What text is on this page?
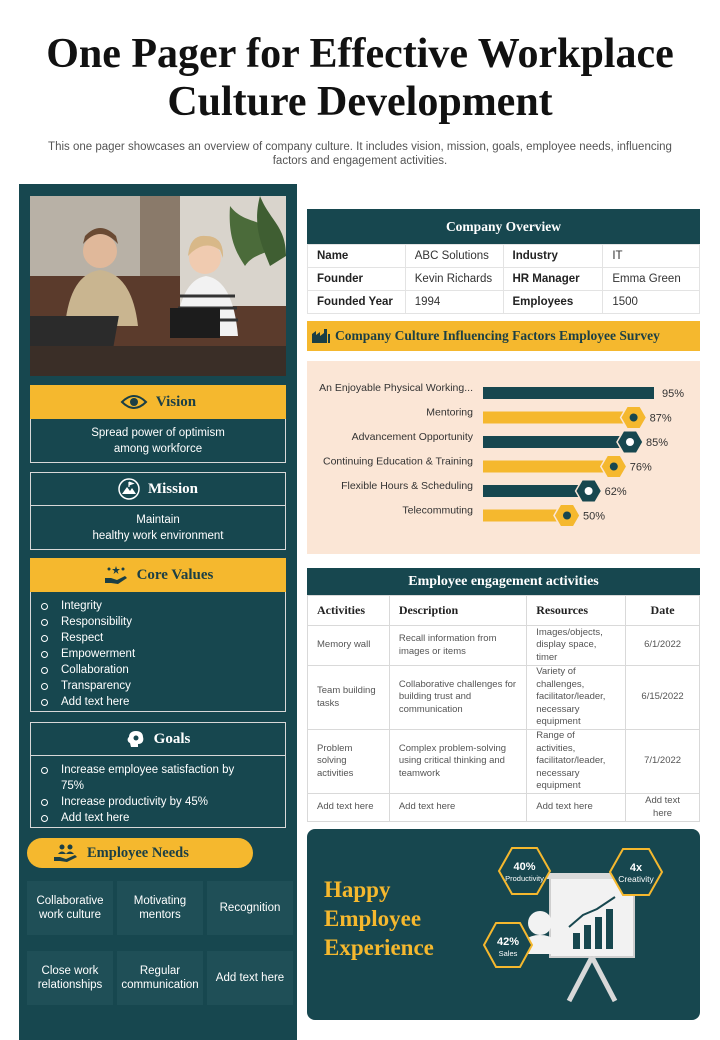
One Pager for Effective Workplace Culture Development
This one pager showcases an overview of company culture. It includes vision, mission, goals, employee needs, influencing factors and engagement activities.
Vision
Spread power of optimism
among workforce
Mission
Maintain
healthy work environment
Core Values
Integrity
Responsibility
Respect
Empowerment
Collaboration
Transparency
Add text here
Goals
Increase employee satisfaction by 75%
Increase productivity by 45%
Add text here
Employee Needs
Collaborative work culture
Motivating mentors
Recognition
Close work relationships
Regular communication
Add text here
Company Overview
Name	ABC Solutions	Industry	IT
Founder	Kevin Richards	HR Manager	Emma Green
Founded Year	1994	Employees	1500
Company Culture Influencing Factors Employee Survey
An Enjoyable Physical Working...	95%
Mentoring	87%
Advancement Opportunity	85%
Continuing Education & Training	76%
Flexible Hours & Scheduling	62%
Telecommuting	50%
Employee engagement activities
Activities	Description	Resources	Date
Memory wall	Recall information from images or items	Images/objects, display space, timer	6/1/2022
Team building tasks	Collaborative challenges for building trust and communication	Variety of challenges, facilitator/leader, necessary equipment	6/15/2022
Problem solving activities	Complex problem-solving using critical thinking and teamwork	Range of activities, facilitator/leader, necessary equipment	7/1/2022
Add text here	Add text here	Add text here	Add text here
Happy
Employee
Experience
40%
Productivity
4x
Creativity
42%
Sales
